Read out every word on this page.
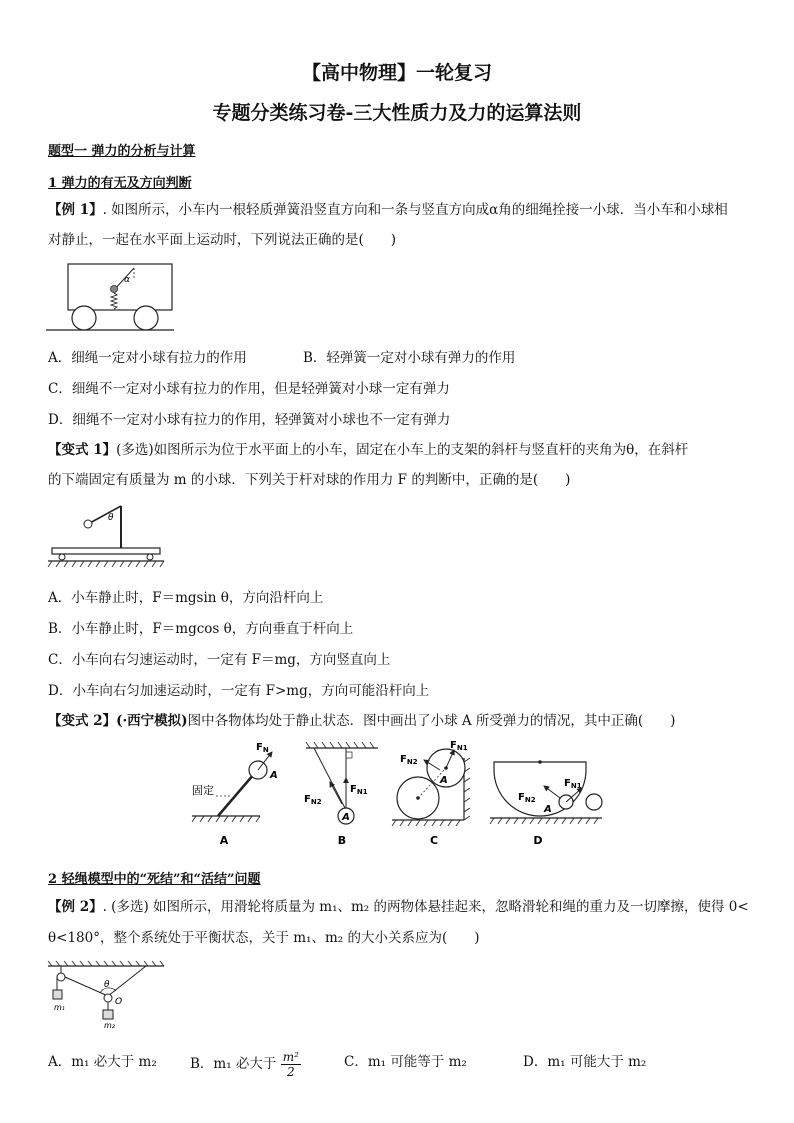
【高中物理】一轮复习
专题分类练习卷-三大性质力及力的运算法则
题型一 弹力的分析与计算
1 弹力的有无及方向判断
【例 1】. 如图所示，小车内一根轻质弹簧沿竖直方向和一条与竖直方向成α角的细绳拴接一小球．当小车和小球相
对静止，一起在水平面上运动时，下列说法正确的是(　　)
α
A．细绳一定对小球有拉力的作用	B．轻弹簧一定对小球有弹力的作用
C．细绳不一定对小球有拉力的作用，但是轻弹簧对小球一定有弹力
D．细绳不一定对小球有拉力的作用，轻弹簧对小球也不一定有弹力
【变式 1】(多选)如图所示为位于水平面上的小车，固定在小车上的支架的斜杆与竖直杆的夹角为θ，在斜杆
的下端固定有质量为 m 的小球．下列关于杆对球的作用力 F 的判断中，正确的是(　　)
θ
A．小车静止时，F＝mgsin θ，方向沿杆向上
B．小车静止时，F＝mgcos θ，方向垂直于杆向上
C．小车向右匀速运动时，一定有 F＝mg，方向竖直向上
D．小车向右匀加速运动时，一定有 F>mg，方向可能沿杆向上
【变式 2】(·西宁模拟)图中各物体均处于静止状态．图中画出了小球 A 所受弹力的情况，其中正确(　　)
$F_N$
A
固定
A
A
$F_{N1}$
$F_{N2}$
B
A
$F_{N1}$
$F_{N2}$
C
$F_{N1}$
$F_{N2}$
A
D
2 轻绳模型中的“死结”和“活结”问题
【例 2】. (多选) 如图所示，用滑轮将质量为 m₁、m₂ 的两物体悬挂起来，忽略滑轮和绳的重力及一切摩擦，使得 0<
θ<180°，整个系统处于平衡状态，关于 m₁、m₂ 的大小关系应为(　　)
m₁
m₂
θ
O
A．m₁ 必大于 m₂ B．m₁ 必大于 $\frac{\text{m²}}{2}$	C．m₁ 可能等于 m₂	D．m₁ 可能大于 m₂
